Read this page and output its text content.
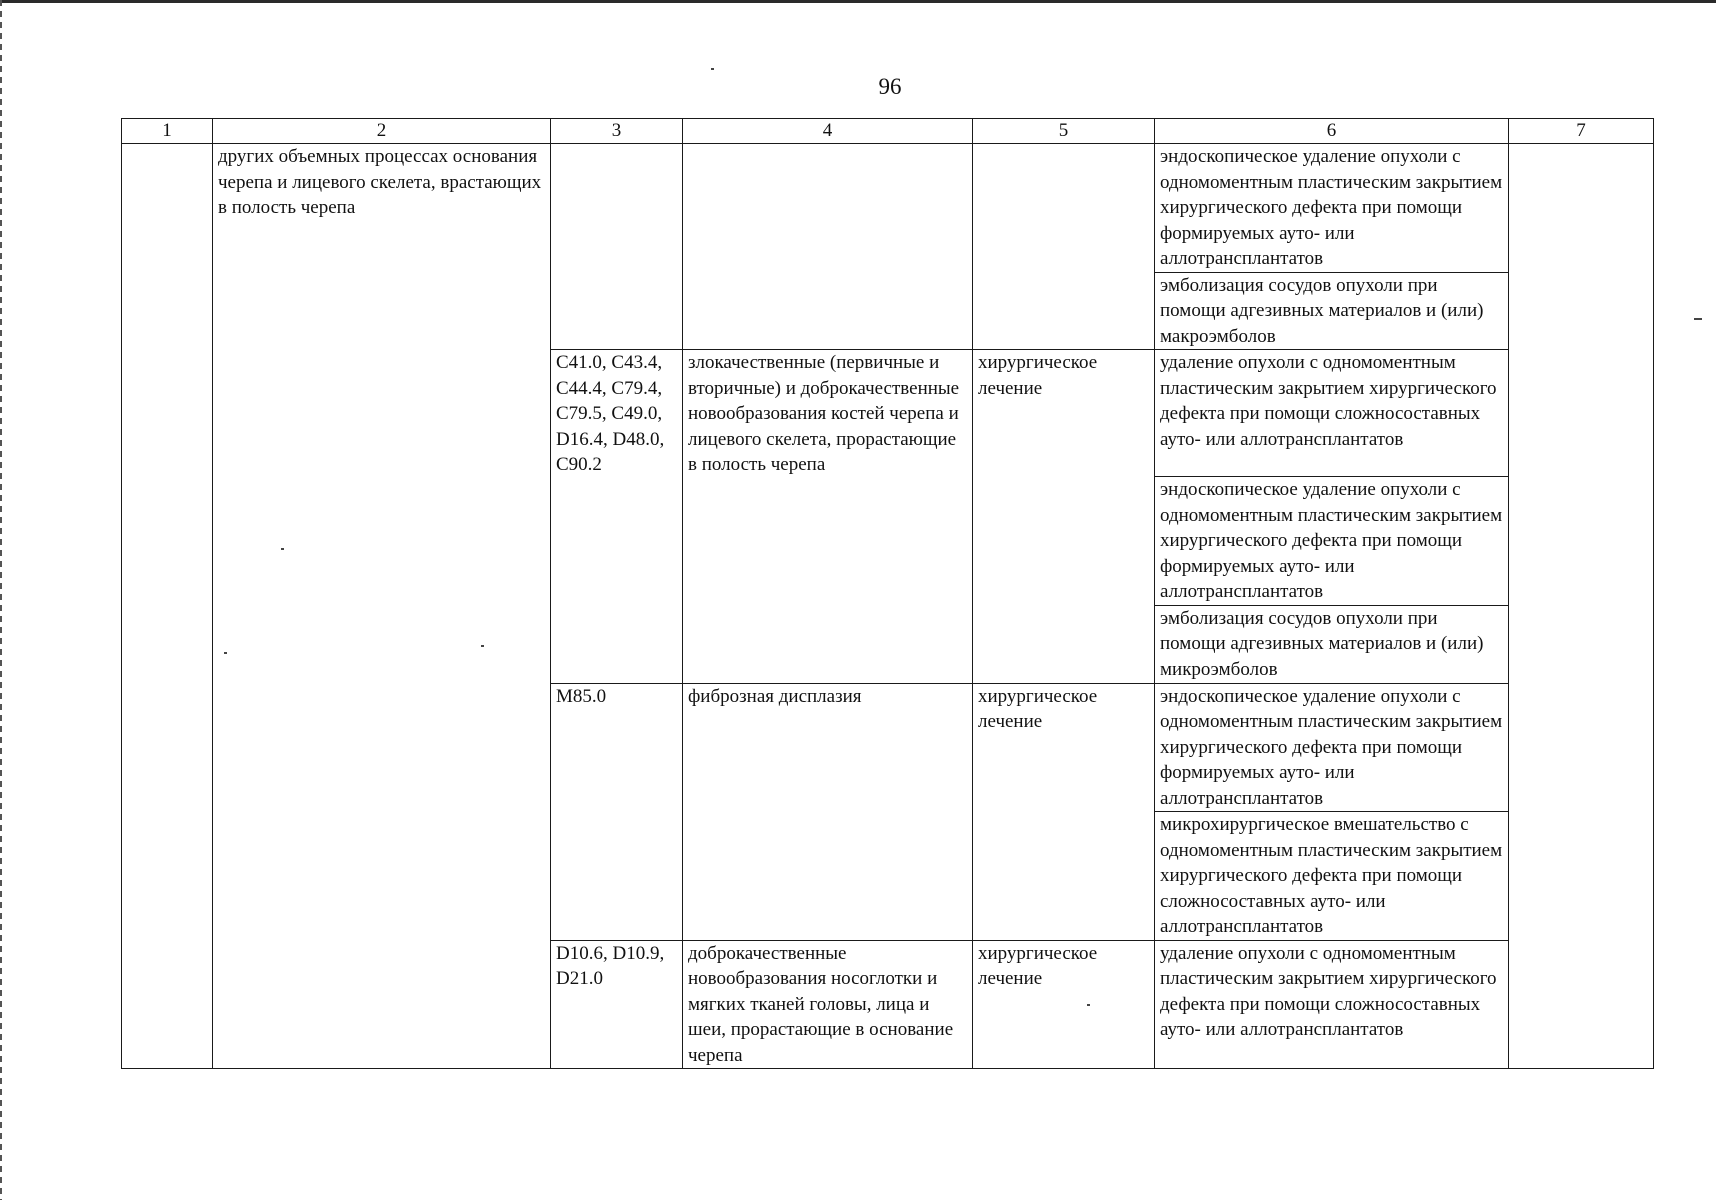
96
1	2	3	4	5	6	7
	других объемных процессах основания черепа и лицевого скелета, врастающих в полость черепа				эндоскопическое удаление опухоли с одномоментным пластическим закрытием хирургического дефекта при помощи формируемых ауто- или аллотрансплантатов	
					эмболизация сосудов опухоли при помощи адгезивных материалов и (или) макроэмболов	
		C41.0, C43.4, C44.4, C79.4, C79.5, C49.0, D16.4, D48.0, C90.2	злокачественные (первичные и вторичные) и доброкачественные новообразования костей черепа и лицевого скелета, прорастающие в полость черепа	хирургическое лечение	удаление опухоли с одномоментным пластическим закрытием хирургического дефекта при помощи сложносоставных ауто- или аллотрансплантатов	
					эндоскопическое удаление опухоли с одномоментным пластическим закрытием хирургического дефекта при помощи формируемых ауто- или аллотрансплантатов	
					эмболизация сосудов опухоли при помощи адгезивных материалов и (или) микроэмболов	
		M85.0	фиброзная дисплазия	хирургическое лечение	эндоскопическое удаление опухоли с одномоментным пластическим закрытием хирургического дефекта при помощи формируемых ауто- или аллотрансплантатов	
					микрохирургическое вмешательство с одномоментным пластическим закрытием хирургического дефекта при помощи сложносоставных ауто- или аллотрансплантатов	
		D10.6, D10.9, D21.0	доброкачественные новообразования носоглотки и мягких тканей головы, лица и шеи, прорастающие в основание черепа	хирургическое лечение	удаление опухоли с одномоментным пластическим закрытием хирургического дефекта при помощи сложносоставных ауто- или аллотрансплантатов	
